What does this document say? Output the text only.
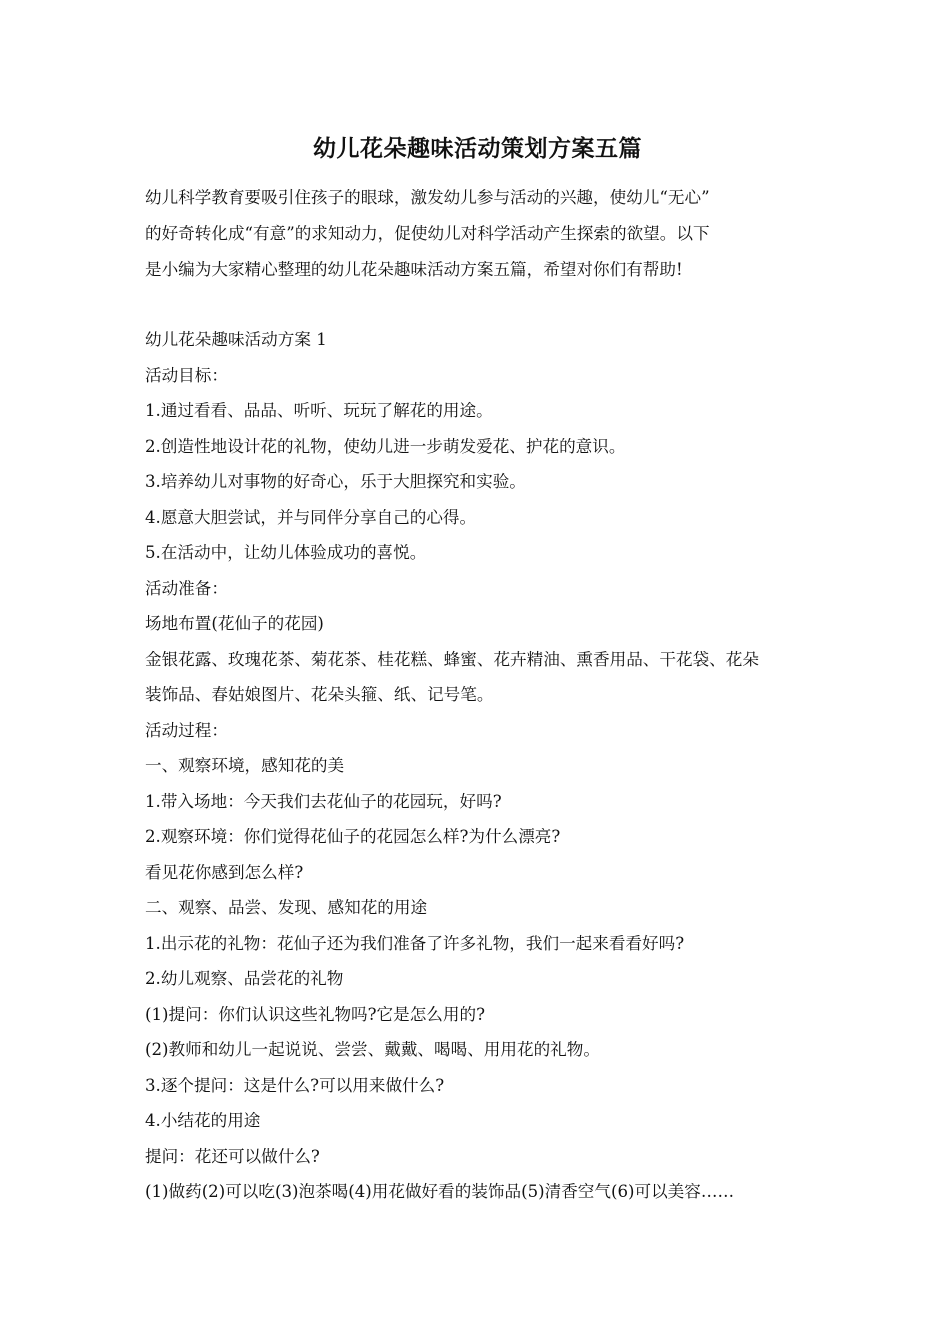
幼儿花朵趣味活动策划方案五篇

幼儿科学教育要吸引住孩子的眼球，激发幼儿参与活动的兴趣，使幼儿“无心”

的好奇转化成“有意”的求知动力，促使幼儿对科学活动产生探索的欲望。以下

是小编为大家精心整理的幼儿花朵趣味活动方案五篇，希望对你们有帮助!

幼儿花朵趣味活动方案 1

活动目标：

1.通过看看、品品、听听、玩玩了解花的用途。

2.创造性地设计花的礼物，使幼儿进一步萌发爱花、护花的意识。

3.培养幼儿对事物的好奇心，乐于大胆探究和实验。

4.愿意大胆尝试，并与同伴分享自己的心得。

5.在活动中，让幼儿体验成功的喜悦。

活动准备：

场地布置(花仙子的花园)

金银花露、玫瑰花茶、菊花茶、桂花糕、蜂蜜、花卉精油、熏香用品、干花袋、花朵

装饰品、春姑娘图片、花朵头箍、纸、记号笔。

活动过程：

一、观察环境，感知花的美

1.带入场地：今天我们去花仙子的花园玩，好吗?

2.观察环境：你们觉得花仙子的花园怎么样?为什么漂亮?

看见花你感到怎么样?

二、观察、品尝、发现、感知花的用途

1.出示花的礼物：花仙子还为我们准备了许多礼物，我们一起来看看好吗?

2.幼儿观察、品尝花的礼物

(1)提问：你们认识这些礼物吗?它是怎么用的?

(2)教师和幼儿一起说说、尝尝、戴戴、喝喝、用用花的礼物。

3.逐个提问：这是什么?可以用来做什么?

4.小结花的用途

提问：花还可以做什么?

(1)做药(2)可以吃(3)泡茶喝(4)用花做好看的装饰品(5)清香空气(6)可以美容……
